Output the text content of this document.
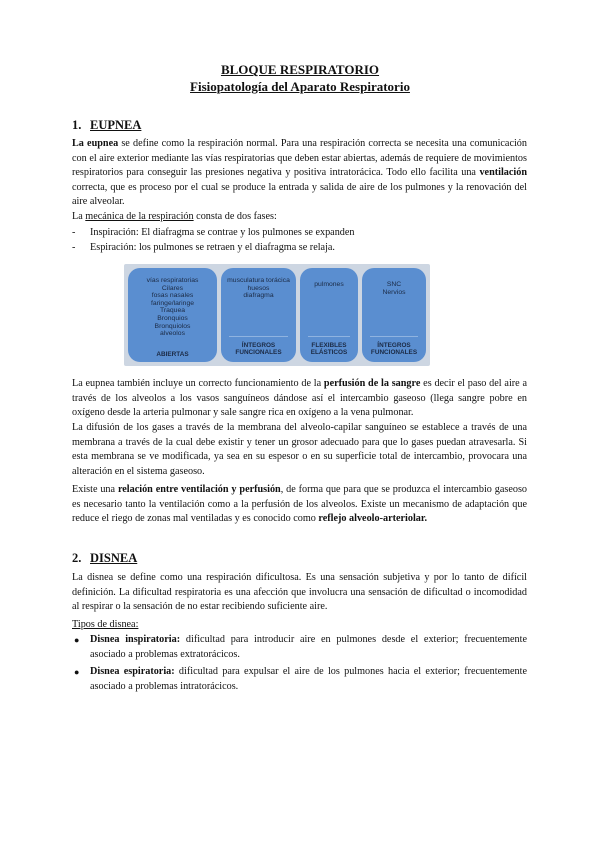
BLOQUE RESPIRATORIO
Fisiopatología del Aparato Respiratorio
1. EUPNEA

La eupnea se define como la respiración normal. Para una respiración correcta se necesita una comunicación con el aire exterior mediante las vías respiratorias que deben estar abiertas, además de requiere de movimientos respiratorios para conseguir las presiones negativa y positiva intratorácica. Todo ello facilita una ventilación correcta, que es proceso por el cual se produce la entrada y salida de aire de los pulmones y la renovación del aire alveolar.

La mecánica de la respiración consta de dos fases:

- Inspiración: El diafragma se contrae y los pulmones se expanden
- Espiración: los pulmones se retraen y el diafragma se relaja.
vías respiratorias
Cilares
fosas nasales
faringe/laringe
Traquea
Bronquios
Bronquiolos
alveolos
ABIERTAS
musculatura torácica
huesos
diafragma
ÍNTEGROS
FUNCIONALES
pulmones
FLEXIBLES
ELÁSTICOS
SNC
Nervios
ÍNTEGROS
FUNCIONALES

La eupnea también incluye un correcto funcionamiento de la perfusión de la sangre es decir el paso del aire a través de los alveolos a los vasos sanguíneos dándose así el intercambio gaseoso (llega sangre pobre en oxígeno desde la arteria pulmonar y sale sangre rica en oxígeno a la vena pulmonar.

La difusión de los gases a través de la membrana del alveolo-capilar sanguíneo se establece a través de una membrana a través de la cual debe existir y tener un grosor adecuado para que lo gases puedan atravesarla. Si esta membrana se ve modificada, ya sea en su espesor o en su superficie total de intercambio, provocara una alteración en el sistema gaseoso.

Existe una relación entre ventilación y perfusión, de forma que para que se produzca el intercambio gaseoso es necesario tanto la ventilación como a la perfusión de los alveolos. Existe un mecanismo de adaptación que reduce el riego de zonas mal ventiladas y es conocido como reflejo alveolo-arteriolar.

2. DISNEA

La disnea se define como una respiración dificultosa. Es una sensación subjetiva y por lo tanto de difícil definición. La dificultad respiratoria es una afección que involucra una sensación de dificultad o incomodidad al respirar o la sensación de no estar recibiendo suficiente aire.

Tipos de disnea:

● Disnea inspiratoria: dificultad para introducir aire en pulmones desde el exterior; frecuentemente asociado a problemas extratorácicos.
● Disnea espiratoria: dificultad para expulsar el aire de los pulmones hacia el exterior; frecuentemente asociado a problemas intratorácicos.
